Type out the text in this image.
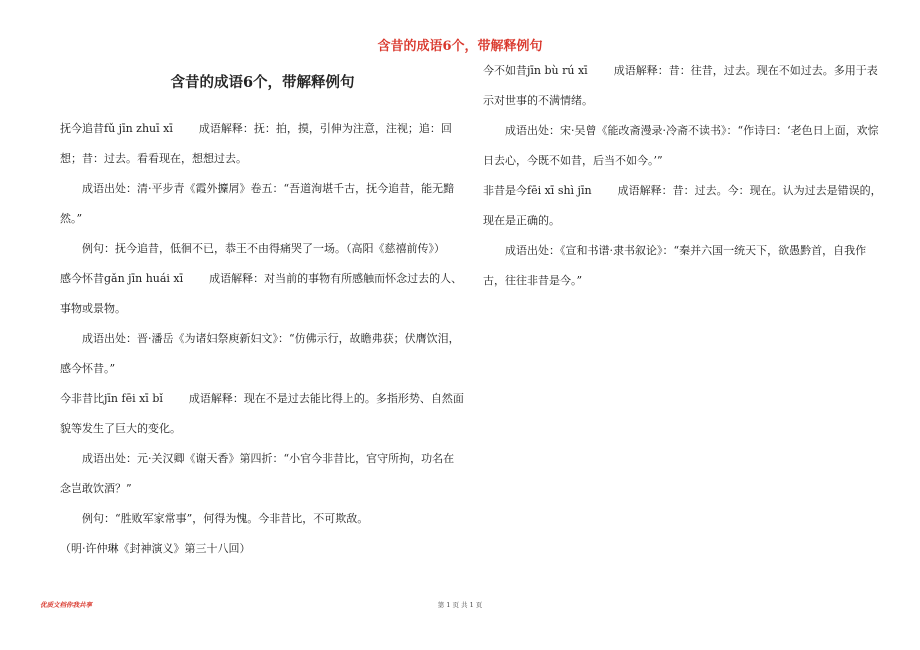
含昔的成语6个，带解释例句
含昔的成语6个，带解释例句

抚今追昔fǔ jīn zhuī xī 成语解释：抚：拍，摸，引伸为注意，注视；追：回想；昔：过去。看看现在，想想过去。

成语出处：清·平步青《霞外攈屑》卷五：“吾道洵堪千古，抚今追昔，能无黯然。”

例句：抚今追昔，低徊不已，恭王不由得痛哭了一场。（高阳《慈禧前传》）

感今怀昔gǎn jīn huái xī 成语解释：对当前的事物有所感触而怀念过去的人、事物或景物。

成语出处：晋·潘岳《为诸妇祭庾新妇文》：“仿佛示行，故瞻弗获；伏膺饮泪，感今怀昔。”

今非昔比jīn fēi xī bǐ 成语解释：现在不是过去能比得上的。多指形势、自然面貌等发生了巨大的变化。

成语出处：元·关汉卿《谢天香》第四折：“小官今非昔比，官守所拘，功名在念岂敢饮酒？”

例句：“胜败军家常事”，何得为愧。今非昔比，不可欺敌。

（明·许仲琳《封神演义》第三十八回）

今不如昔jīn bù rú xī 成语解释：昔：往昔，过去。现在不如过去。多用于表示对世事的不满情绪。

成语出处：宋·吴曾《能改斋漫录·冷斋不读书》：“作诗曰：‘老色日上面，欢悰日去心，今既不如昔，后当不如今。’”

非昔是今fēi xī shì jīn 成语解释：昔：过去。今：现在。认为过去是错误的，现在是正确的。

成语出处：《宣和书谱·隶书叙论》：“秦并六国一统天下，欲愚黔首，自我作古，往往非昔是今。”

优质文档你我共享	第 1 页 共 1 页
